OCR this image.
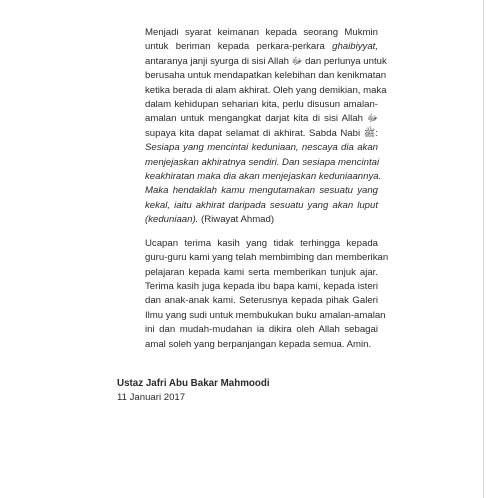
Menjadi syarat keimanan kepada seorang Mukmin
untuk beriman kepada perkara-perkara ghaibiyyat,
antaranya janji syurga di sisi Allah ﷻ dan perlunya untuk
berusaha untuk mendapatkan kelebihan dan kenikmatan
ketika berada di alam akhirat. Oleh yang demikian, maka
dalam kehidupan seharian kita, perlu disusun amalan-
amalan untuk mengangkat darjat kita di sisi Allah ﷻ
supaya kita dapat selamat di akhirat. Sabda Nabi ﷺ:
Sesiapa yang mencintai keduniaan, nescaya dia akan
menjejaskan akhiratnya sendiri. Dan sesiapa mencintai
keakhiratan maka dia akan menjejaskan keduniaannya.
Maka hendaklah kamu mengutamakan sesuatu yang
kekal, iaitu akhirat daripada sesuatu yang akan luput
(keduniaan). (Riwayat Ahmad)

Ucapan terima kasih yang tidak terhingga kepada
guru-guru kami yang telah membimbing dan memberikan
pelajaran kepada kami serta memberikan tunjuk ajar.
Terima kasih juga kepada ibu bapa kami, kepada isteri
dan anak-anak kami. Seterusnya kepada pihak Galeri
Ilmu yang sudi untuk membukukan buku amalan-amalan
ini dan mudah-mudahan ia dikira oleh Allah sebagai
amal soleh yang berpanjangan kepada semua. Amin.

Ustaz Jafri Abu Bakar Mahmoodi
11 Januari 2017
